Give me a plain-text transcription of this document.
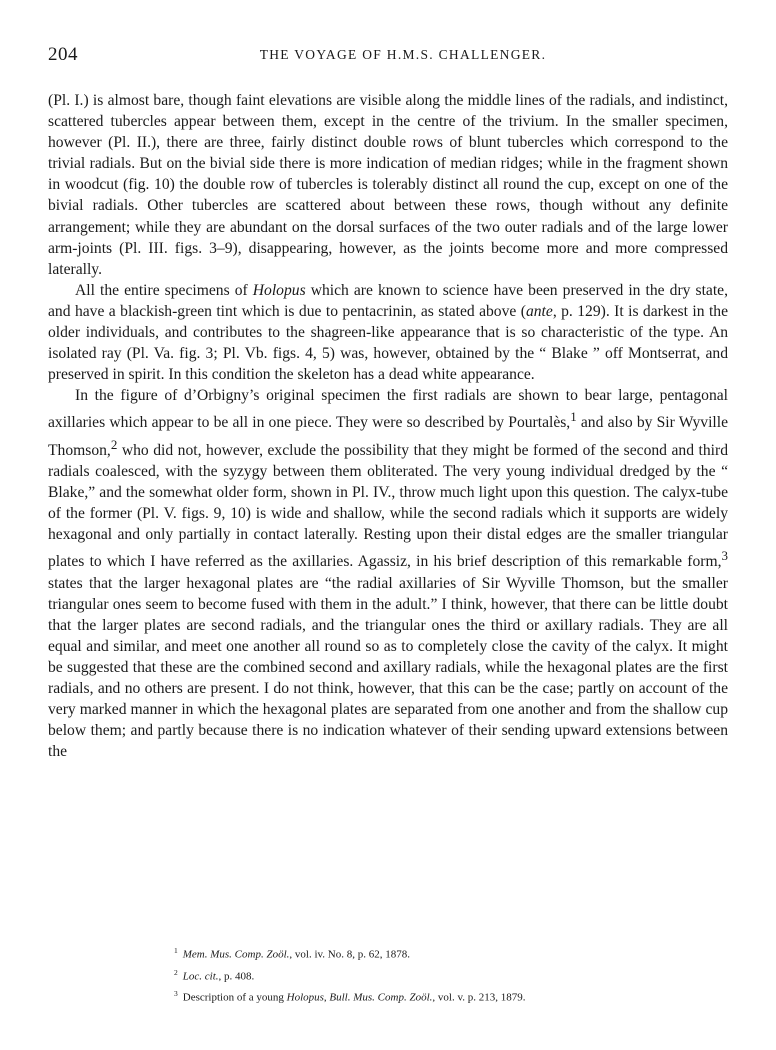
204	THE VOYAGE OF H.M.S. CHALLENGER.

(Pl. I.) is almost bare, though faint elevations are visible along the middle lines of the radials, and indistinct, scattered tubercles appear between them, except in the centre of the trivium. In the smaller specimen, however (Pl. II.), there are three, fairly distinct double rows of blunt tubercles which correspond to the trivial radials. But on the bivial side there is more indication of median ridges; while in the fragment shown in woodcut (fig. 10) the double row of tubercles is tolerably distinct all round the cup, except on one of the bivial radials. Other tubercles are scattered about between these rows, though without any definite arrangement; while they are abundant on the dorsal surfaces of the two outer radials and of the large lower arm-joints (Pl. III. figs. 3–9), disappearing, however, as the joints become more and more compressed laterally.

All the entire specimens of Holopus which are known to science have been preserved in the dry state, and have a blackish-green tint which is due to pentacrinin, as stated above (ante, p. 129). It is darkest in the older individuals, and contributes to the shagreen-like appearance that is so characteristic of the type. An isolated ray (Pl. Va. fig. 3; Pl. Vb. figs. 4, 5) was, however, obtained by the “ Blake ” off Montserrat, and preserved in spirit. In this condition the skeleton has a dead white appearance.

In the figure of d’Orbigny’s original specimen the first radials are shown to bear large, pentagonal axillaries which appear to be all in one piece. They were so described by Pourtalès,$^1$ and also by Sir Wyville Thomson,$^2$ who did not, however, exclude the possibility that they might be formed of the second and third radials coalesced, with the syzygy between them obliterated. The very young individual dredged by the “ Blake,” and the somewhat older form, shown in Pl. IV., throw much light upon this question. The calyx-tube of the former (Pl. V. figs. 9, 10) is wide and shallow, while the second radials which it supports are widely hexagonal and only partially in contact laterally. Resting upon their distal edges are the smaller triangular plates to which I have referred as the axillaries. Agassiz, in his brief description of this remarkable form,$^3$ states that the larger hexagonal plates are “the radial axillaries of Sir Wyville Thomson, but the smaller triangular ones seem to become fused with them in the adult.” I think, however, that there can be little doubt that the larger plates are second radials, and the triangular ones the third or axillary radials. They are all equal and similar, and meet one another all round so as to completely close the cavity of the calyx. It might be suggested that these are the combined second and axillary radials, while the hexagonal plates are the first radials, and no others are present. I do not think, however, that this can be the case; partly on account of the very marked manner in which the hexagonal plates are separated from one another and from the shallow cup below them; and partly because there is no indication whatever of their sending upward extensions between the

$^1$ Mem. Mus. Comp. Zoöl., vol. iv. No. 8, p. 62, 1878.
$^2$ Loc. cit., p. 408.
$^3$ Description of a young Holopus, Bull. Mus. Comp. Zoöl., vol. v. p. 213, 1879.
